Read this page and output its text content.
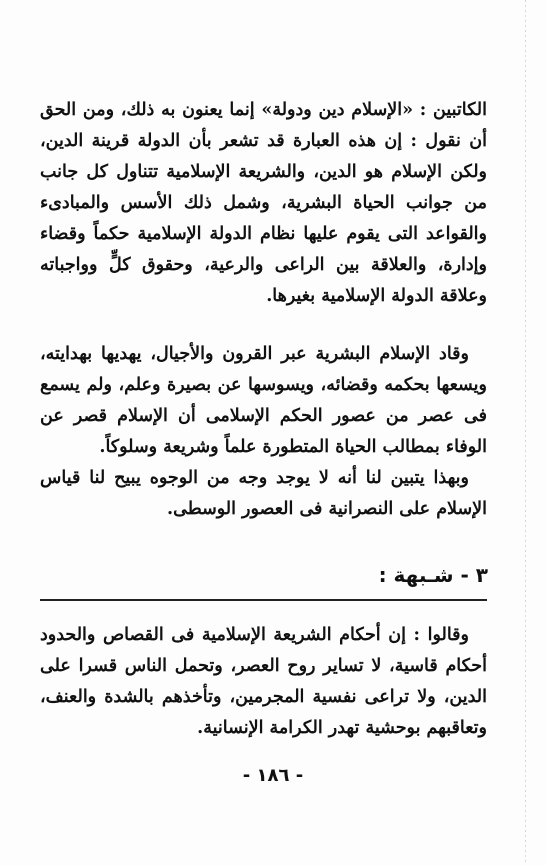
الكاتبين : «الإسلام دين ودولة» إنما يعنون به ذلك، ومن الحق أن نقول : إن هذه العبارة قد تشعر بأن الدولة قرينة الدين، ولكن الإسلام هو الدين، والشريعة الإسلامية تتناول كل جانب من جوانب الحياة البشرية، وشمل ذلك الأسس والمبادىء والقواعد التى يقوم عليها نظام الدولة الإسلامية حكماً وقضاء وإدارة، والعلاقة بين الراعى والرعية، وحقوق كلٍّ وواجباته وعلاقة الدولة الإسلامية بغيرها.

وقاد الإسلام البشرية عبر القرون والأجيال، يهديها بهدايته، ويسعها بحكمه وقضائه، ويسوسها عن بصيرة وعلم، ولم يسمع فى عصر من عصور الحكم الإسلامى أن الإسلام قصر عن الوفاء بمطالب الحياة المتطورة علماً وشريعة وسلوكاً.

وبهذا يتبين لنا أنه لا يوجد وجه من الوجوه يبيح لنا قياس الإسلام على النصرانية فى العصور الوسطى.

٣ - شـبهة :

وقالوا : إن أحكام الشريعة الإسلامية فى القصاص والحدود أحكام قاسية، لا تساير روح العصر، وتحمل الناس قسرا على الدين، ولا تراعى نفسية المجرمين، وتأخذهم بالشدة والعنف، وتعاقبهم بوحشية تهدر الكرامة الإنسانية.

- ١٨٦ -
